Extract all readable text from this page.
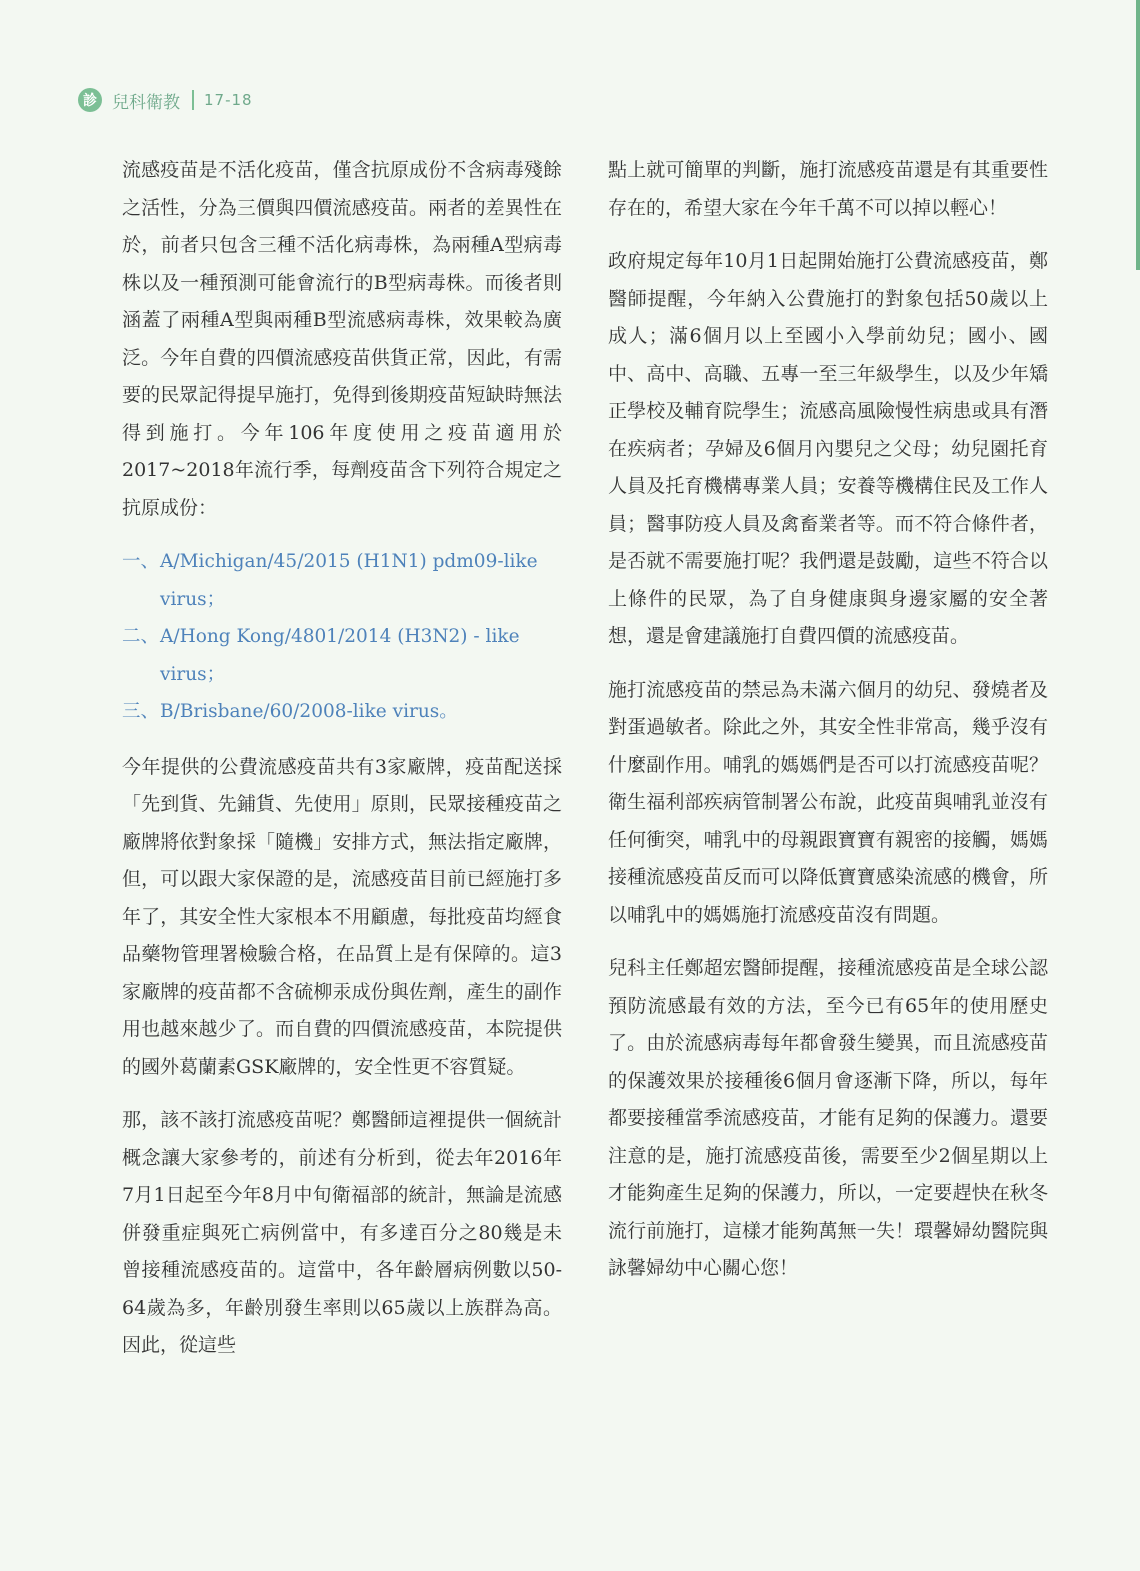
診 兒科衛教 17-18

流感疫苗是不活化疫苗，僅含抗原成份不含病毒殘餘之活性，分為三價與四價流感疫苗。兩者的差異性在於，前者只包含三種不活化病毒株，為兩種A型病毒株以及一種預測可能會流行的B型病毒株。而後者則涵蓋了兩種A型與兩種B型流感病毒株，效果較為廣泛。今年自費的四價流感疫苗供貨正常，因此，有需要的民眾記得提早施打，免得到後期疫苗短缺時無法得到施打。今年106年度使用之疫苗適用於2017~2018年流行季，每劑疫苗含下列符合規定之抗原成份：

一、 A/Michigan/45/2015 (H1N1) pdm09-like virus；
二、 A/Hong Kong/4801/2014 (H3N2) - like virus；
三、 B/Brisbane/60/2008-like virus。

今年提供的公費流感疫苗共有3家廠牌，疫苗配送採「先到貨、先鋪貨、先使用」原則，民眾接種疫苗之廠牌將依對象採「隨機」安排方式，無法指定廠牌，但，可以跟大家保證的是，流感疫苗目前已經施打多年了，其安全性大家根本不用顧慮，每批疫苗均經食品藥物管理署檢驗合格，在品質上是有保障的。這3家廠牌的疫苗都不含硫柳汞成份與佐劑，產生的副作用也越來越少了。而自費的四價流感疫苗，本院提供的國外葛蘭素GSK廠牌的，安全性更不容質疑。

那，該不該打流感疫苗呢？鄭醫師這裡提供一個統計概念讓大家參考的，前述有分析到，從去年2016年7月1日起至今年8月中旬衛福部的統計，無論是流感併發重症與死亡病例當中，有多達百分之80幾是未曾接種流感疫苗的。這當中，各年齡層病例數以50-64歲為多，年齡別發生率則以65歲以上族群為高。因此，從這些

點上就可簡單的判斷，施打流感疫苗還是有其重要性存在的，希望大家在今年千萬不可以掉以輕心！

政府規定每年10月1日起開始施打公費流感疫苗，鄭醫師提醒，今年納入公費施打的對象包括50歲以上成人；滿6個月以上至國小入學前幼兒；國小、國中、高中、高職、五專一至三年級學生，以及少年矯正學校及輔育院學生；流感高風險慢性病患或具有潛在疾病者；孕婦及6個月內嬰兒之父母；幼兒園托育人員及托育機構專業人員；安養等機構住民及工作人員；醫事防疫人員及禽畜業者等。而不符合條件者，是否就不需要施打呢？我們還是鼓勵，這些不符合以上條件的民眾，為了自身健康與身邊家屬的安全著想，還是會建議施打自費四價的流感疫苗。

施打流感疫苗的禁忌為未滿六個月的幼兒、發燒者及對蛋過敏者。除此之外，其安全性非常高，幾乎沒有什麼副作用。哺乳的媽媽們是否可以打流感疫苗呢？衛生福利部疾病管制署公布說，此疫苗與哺乳並沒有任何衝突，哺乳中的母親跟寶寶有親密的接觸，媽媽接種流感疫苗反而可以降低寶寶感染流感的機會，所以哺乳中的媽媽施打流感疫苗沒有問題。

兒科主任鄭超宏醫師提醒，接種流感疫苗是全球公認預防流感最有效的方法，至今已有65年的使用歷史了。由於流感病毒每年都會發生變異，而且流感疫苗的保護效果於接種後6個月會逐漸下降，所以，每年都要接種當季流感疫苗，才能有足夠的保護力。還要注意的是，施打流感疫苗後，需要至少2個星期以上才能夠產生足夠的保護力，所以，一定要趕快在秋冬流行前施打，這樣才能夠萬無一失！環馨婦幼醫院與詠馨婦幼中心關心您！
